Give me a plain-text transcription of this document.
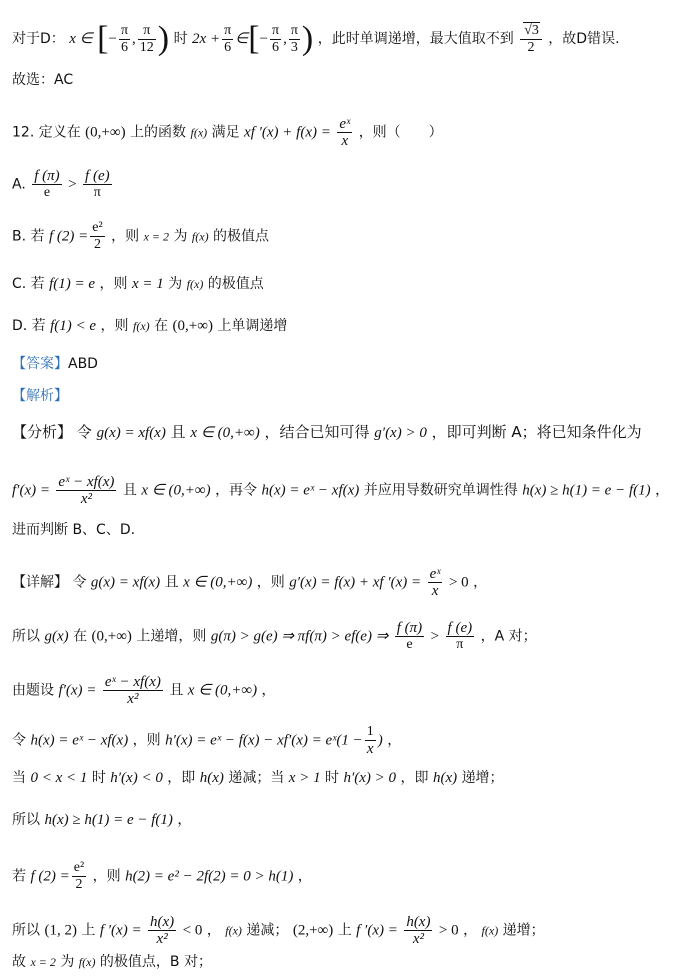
对于D： x ∈ [− $\frac{\pi}{6}$ , $\frac{\pi}{12}$ ) 时 $2x + \frac{\pi}{6}$ ∈[− $\frac{\pi}{6}$ , $\frac{\pi}{3}$ ) ，此时单调递增，最大值取不到 $\frac{√3}{2}$ ，故D错误.
故选：AC
12. 定义在 (0,+∞) 上的函数 f(x) 满足 xf $'(x) + f(x) = \frac{\text{eˣ}}{x}$ ，则（　　）
A. $\frac{f (\pi)}{e} > \frac{f (e)}{\pi}$
B. 若 f $(2) = \frac{\text{e²}}{2}$ ，则 x = 2 为 f(x) 的极值点
C. 若 f(1) = e ，则 x = 1 为 f(x) 的极值点
D. 若 f(1) < e ，则 f(x) 在 (0,+∞) 上单调递增
【答案】ABD
【解析】
【分析】 令 g(x) = xf(x) 且 x ∈ (0,+∞) ，结合已知可得 g′(x) > 0 ，即可判断 A；将已知条件化为
$f'(x) = \frac{\text{eˣ − xf(x)}}{\text{x²}}$ 且 x ∈ (0,+∞) ，再令 h(x) = eˣ − xf(x) 并应用导数研究单调性得 h(x) ≥ h(1) = e − f(1) ，
进而判断 B、C、D.
【详解】 令 g(x) = xf(x) 且 x ∈ (0,+∞) ，则 g′(x) = f(x) + xf $'(x) = \frac{\text{eˣ}}{x} > 0$ ，
所以 g(x) 在 (0,+∞) 上递增，则 g(π) > g(e) ⇒ πf(π) > ef(e) ⇒ $\frac{f (\pi)}{e} > \frac{f (e)}{\pi}$ ，A 对；
由题设 $f'(x) = \frac{\text{eˣ − xf(x)}}{\text{x²}}$ 且 x ∈ (0,+∞) ，
令 h(x) = eˣ − xf(x) ，则 h′(x) = eˣ − f(x) − xf′(x) = eˣ(1 − $\frac{1}{x}$ ) ，
当 0 < x < 1 时 h′(x) < 0 ，即 h(x) 递减；当 x > 1 时 h′(x) > 0 ，即 h(x) 递增；
所以 h(x) ≥ h(1) = e − f(1) ，
若 f $(2) = \frac{\text{e²}}{2}$ ，则 h(2) = e² − 2f(2) = 0 > h(1) ，
所以 (1, 2) 上 f $'(x) = \frac{h(x)}{\text{x²}} < 0$ ， f(x) 递减； (2,+∞) 上 f $'(x) = \frac{h(x)}{\text{x²}} > 0$ ， f(x) 递增；
故 x = 2 为 f(x) 的极值点，B 对；
